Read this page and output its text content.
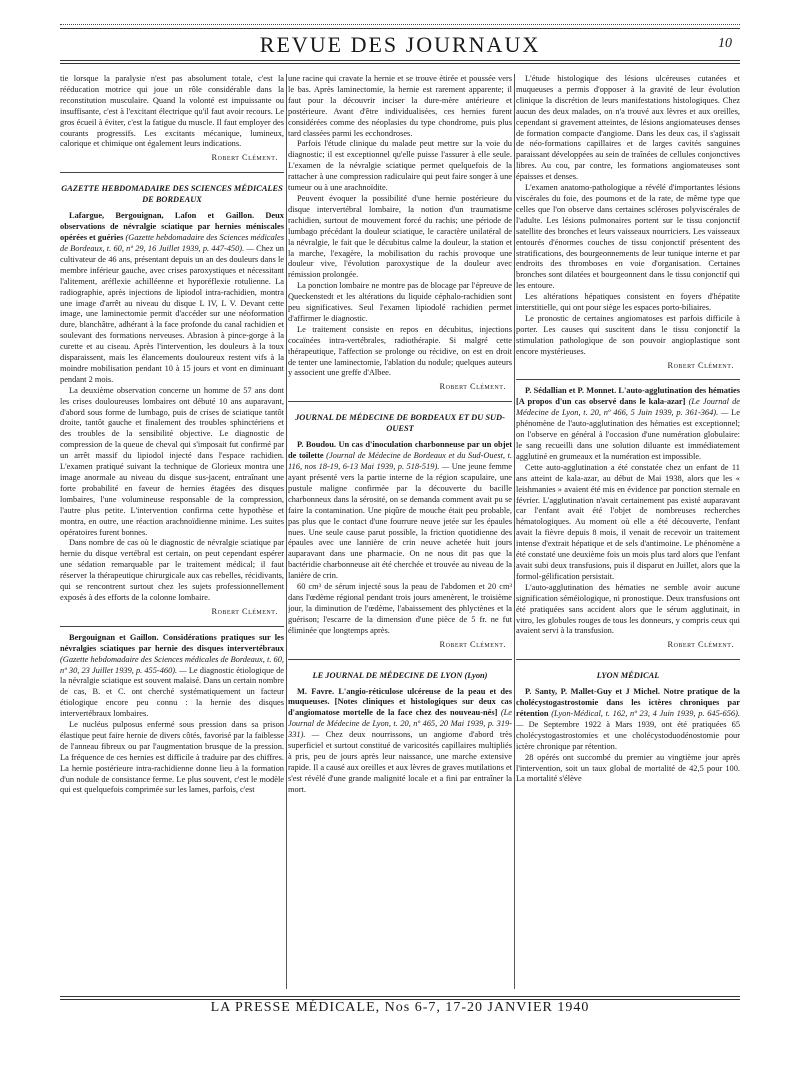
REVUE DES JOURNAUX	10

tie lorsque la paralysie n'est pas absolument totale, c'est la rééducation motrice qui joue un rôle considérable dans la reconstitution musculaire. Quand la volonté est impuissante ou insuffisante, c'est à l'excitant électrique qu'il faut avoir recours. Le gros écueil à éviter, c'est la fatigue du muscle. Il faut employer des courants progressifs. Les excitants mécanique, lumineux, calorique et chimique ont également leurs indications.

Robert Clément.

GAZETTE HEBDOMADAIRE DES SCIENCES MÉDICALES DE BORDEAUX

Lafargue, Bergouignan, Lafon et Gaillon. Deux observations de névralgie sciatique par hernies méniscales opérées et guéries (Gazette hebdomadaire des Sciences médicales de Bordeaux, t. 60, nº 29, 16 Juillet 1939, p. 447-450). — Chez un cultivateur de 46 ans, présentant depuis un an des douleurs dans le membre inférieur gauche, avec crises paroxystiques et nécessitant l'alitement, aréflexie achilléenne et hyporéflexie rotulienne. La radiographie, après injections de lipiodol intra-rachidien, montra une image d'arrêt au niveau du disque L IV, L V. Devant cette image, une laminectomie permit d'accéder sur une néoformation dure, blanchâtre, adhérant à la face profonde du canal rachidien et soulevant des formations nerveuses. Abrasion à pince-gorge à la curette et au ciseau. Après l'intervention, les douleurs à la toux disparaissent, mais les élancements douloureux restent vifs à la moindre mobilisation pendant 10 à 15 jours et vont en diminuant pendant 2 mois.

La deuxième observation concerne un homme de 57 ans dont les crises douloureuses lombaires ont débuté 10 ans auparavant, d'abord sous forme de lumbago, puis de crises de sciatique tantôt droite, tantôt gauche et finalement des troubles sphinctériens et des troubles de la sensibilité objective. Le diagnostic de compression de la queue de cheval qui s'imposait fut confirmé par un arrêt massif du lipiodol injecté dans l'espace rachidien. L'examen pratiqué suivant la technique de Glorieux montra une image anormale au niveau du disque sus-jacent, entraînant une forte probabilité en faveur de hernies étagées des disques lombaires, l'une volumineuse responsable de la compression, l'autre plus petite. L'intervention confirma cette hypothèse et montra, en outre, une réaction arachnoïdienne minime. Les suites opératoires furent bonnes.

Dans nombre de cas où le diagnostic de névralgie sciatique par hernie du disque vertébral est certain, on peut cependant espérer une sédation remarquable par le traitement médical; il faut réserver la thérapeutique chirurgicale aux cas rebelles, récidivants, qui se rencontrent surtout chez les sujets professionnellement exposés à des efforts de la colonne lombaire.

Robert Clément.

Bergouignan et Gaillon. Considérations pratiques sur les névralgies sciatiques par hernie des disques intervertébraux (Gazette hebdomadaire des Sciences médicales de Bordeaux, t. 60, nº 30, 23 Juillet 1939, p. 455-460). — Le diagnostic étiologique de la névralgie sciatique est souvent malaisé. Dans un certain nombre de cas, B. et C. ont cherché systématiquement un facteur étiologique encore peu connu : la hernie des disques intervertébraux lombaires.

Le nucléus pulposus enfermé sous pression dans sa prison élastique peut faire hernie de divers côtés, favorisé par la faiblesse de l'anneau fibreux ou par l'augmentation brusque de la pression. La fréquence de ces hernies est difficile à traduire par des chiffres. La hernie postérieure intra-rachidienne donne lieu à la formation d'un nodule de consistance ferme. Le plus souvent, c'est le modèle qui est quelquefois comprimée sur les lames, parfois, c'est

une racine qui cravate la hernie et se trouve étirée et poussée vers le bas. Après laminectomie, la hernie est rarement apparente; il faut pour la découvrir inciser la dure-mère antérieure et postérieure. Avant d'être individualisées, ces hernies furent considérées comme des néoplasies du type chondrome, puis plus tard classées parmi les ecchondroses.

Parfois l'étude clinique du malade peut mettre sur la voie du diagnostic; il est exceptionnel qu'elle puisse l'assurer à elle seule. L'examen de la névralgie sciatique permet quelquefois de la rattacher à une compression radiculaire qui peut faire songer à une tumeur ou à une arachnoïdite.

Peuvent évoquer la possibilité d'une hernie postérieure du disque intervertébral lombaire, la notion d'un traumatisme rachidien, surtout de mouvement forcé du rachis; une période de lumbago précédant la douleur sciatique, le caractère unilatéral de la névralgie, le fait que le décubitus calme la douleur, la station et la marche, l'exagère, la mobilisation du rachis provoque une douleur vive, l'évolution paroxystique de la douleur avec rémission prolongée.

La ponction lombaire ne montre pas de blocage par l'épreuve de Queckenstedt et les altérations du liquide céphalo-rachidien sont peu significatives. Seul l'examen lipiodolé rachidien permet d'affirmer le diagnostic.

Le traitement consiste en repos en décubitus, injections cocaïnées intra-vertébrales, radiothérapie. Si malgré cette thérapeutique, l'affection se prolonge ou récidive, on est en droit de tenter une laminectomie, l'ablation du nodule; quelques auteurs y associent une greffe d'Albee.

Robert Clément.

JOURNAL DE MÉDECINE DE BORDEAUX ET DU SUD-OUEST

P. Boudou. Un cas d'inoculation charbonneuse par un objet de toilette (Journal de Médecine de Bordeaux et du Sud-Ouest, t. 116, nos 18-19, 6-13 Mai 1939, p. 518-519). — Une jeune femme ayant présenté vers la partie interne de la région scapulaire, une pustule maligne confirmée par la découverte du bacille charbonneux dans la sérosité, on se demanda comment avait pu se faire la contamination. Une piqûre de mouche était peu probable, pas plus que le contact d'une fourrure neuve jetée sur les épaules nues. Une seule cause parut possible, la friction quotidienne des épaules avec une lannière de crin neuve achetée huit jours auparavant dans une pharmacie. On ne nous dit pas que la bactéridie charbonneuse ait été cherchée et trouvée au niveau de la lanière de crin.

60 cm³ de sérum injecté sous la peau de l'abdomen et 20 cm³ dans l'œdème régional pendant trois jours amenèrent, le troisième jour, la diminution de l'œdème, l'abaissement des phlyctènes et la guérison; l'escarre de la dimension d'une pièce de 5 fr. ne fut éliminée que longtemps après.

Robert Clément.

LE JOURNAL DE MÉDECINE DE LYON (Lyon)

M. Favre. L'angio-réticulose ulcéreuse de la peau et des muqueuses. [Notes cliniques et histologiques sur deux cas d'angiomatose mortelle de la face chez des nouveau-nés] (Le Journal de Médecine de Lyon, t. 20, nº 465, 20 Mai 1939, p. 319-331). — Chez deux nourrissons, un angiome d'abord très superficiel et surtout constitué de varicosités capillaires multipliés à pris, peu de jours après leur naissance, une marche extensive rapide. Il a causé aux oreilles et aux lèvres de graves mutilations et s'est révélé d'une grande malignité locale et a fini par entraîner la mort.

L'étude histologique des lésions ulcéreuses cutanées et muqueuses a permis d'opposer à la gravité de leur évolution clinique la discrétion de leurs manifestations histologiques. Chez aucun des deux malades, on n'a trouvé aux lèvres et aux oreilles, cependant si gravement atteintes, de lésions angiomateuses denses de formation compacte d'angiome. Dans les deux cas, il s'agissait de néo-formations capillaires et de larges cavités sanguines paraissant développées au sein de traînées de cellules conjonctives libres. Au cou, par contre, les formations angiomateuses sont épaisses et denses.

L'examen anatomo-pathologique a révélé d'importantes lésions viscérales du foie, des poumons et de la rate, de même type que celles que l'on observe dans certaines scléroses polyviscérales de l'adulte. Les lésions pulmonaires portent sur le tissu conjonctif satellite des bronches et leurs vaisseaux nourriciers. Les vaisseaux entourés d'énormes couches de tissu conjonctif présentent des stratifications, des bourgeonnements de leur tunique interne et par endroits des thromboses en voie d'organisation. Certaines bronches sont dilatées et bourgeonnent dans le tissu conjonctif qui les entoure.

Les altérations hépatiques consistent en foyers d'hépatite interstitielle, qui ont pour siège les espaces porto-biliaires.

Le pronostic de certaines angiomatoses est parfois difficile à porter. Les causes qui suscitent dans le tissu conjonctif la stimulation pathologique de son pouvoir angioplastique sont encore mystérieuses.

Robert Clément.

P. Sédallian et P. Monnet. L'auto-agglutination des hématies [A propos d'un cas observé dans le kala-azar] (Le Journal de Médecine de Lyon, t. 20, nº 466, 5 Juin 1939, p. 361-364). — Le phénomène de l'auto-agglutination des hématies est exceptionnel; on l'observe en général à l'occasion d'une numération globulaire: le sang recueilli dans une solution diluante est immédiatement agglutiné en grumeaux et la numération est impossible.

Cette auto-agglutination a été constatée chez un enfant de 11 ans atteint de kala-azar, au début de Mai 1938, alors que les « leishmanies » avaient été mis en évidence par ponction sternale en février. L'agglutination n'avait certainement pas existé auparavant car l'enfant avait été l'objet de nombreuses recherches hématologiques. Au moment où elle a été découverte, l'enfant avait la fièvre depuis 8 mois, il venait de recevoir un traitement intense d'extrait hépatique et de sels d'antimoine. Le phénomène a été constaté une deuxième fois un mois plus tard alors que l'enfant avait subi deux transfusions, puis il disparut en Juillet, alors que la formol-gélification persistait.

L'auto-agglutination des hématies ne semble avoir aucune signification séméiologique, ni pronostique. Deux transfusions ont été pratiquées sans accident alors que le sérum agglutinait, in vitro, les globules rouges de tous les donneurs, y compris ceux qui avaient servi à la transfusion.

Robert Clément.

LYON MÉDICAL

P. Santy, P. Mallet-Guy et J Michel. Notre pratique de la cholécystogastrostomie dans les ictères chroniques par rétention (Lyon-Médical, t. 162, nº 23, 4 Juin 1939, p. 645-656). — De Septembre 1922 à Mars 1939, ont été pratiquées 65 cholécystogastrostomies et une cholécystoduodénostomie pour ictère chronique par rétention.

28 opérés ont succombé du premier au vingtième jour après l'intervention, soit un taux global de mortalité de 42,5 pour 100. La mortalité s'élève

LA PRESSE MÉDICALE, Nos 6-7, 17-20 JANVIER 1940
